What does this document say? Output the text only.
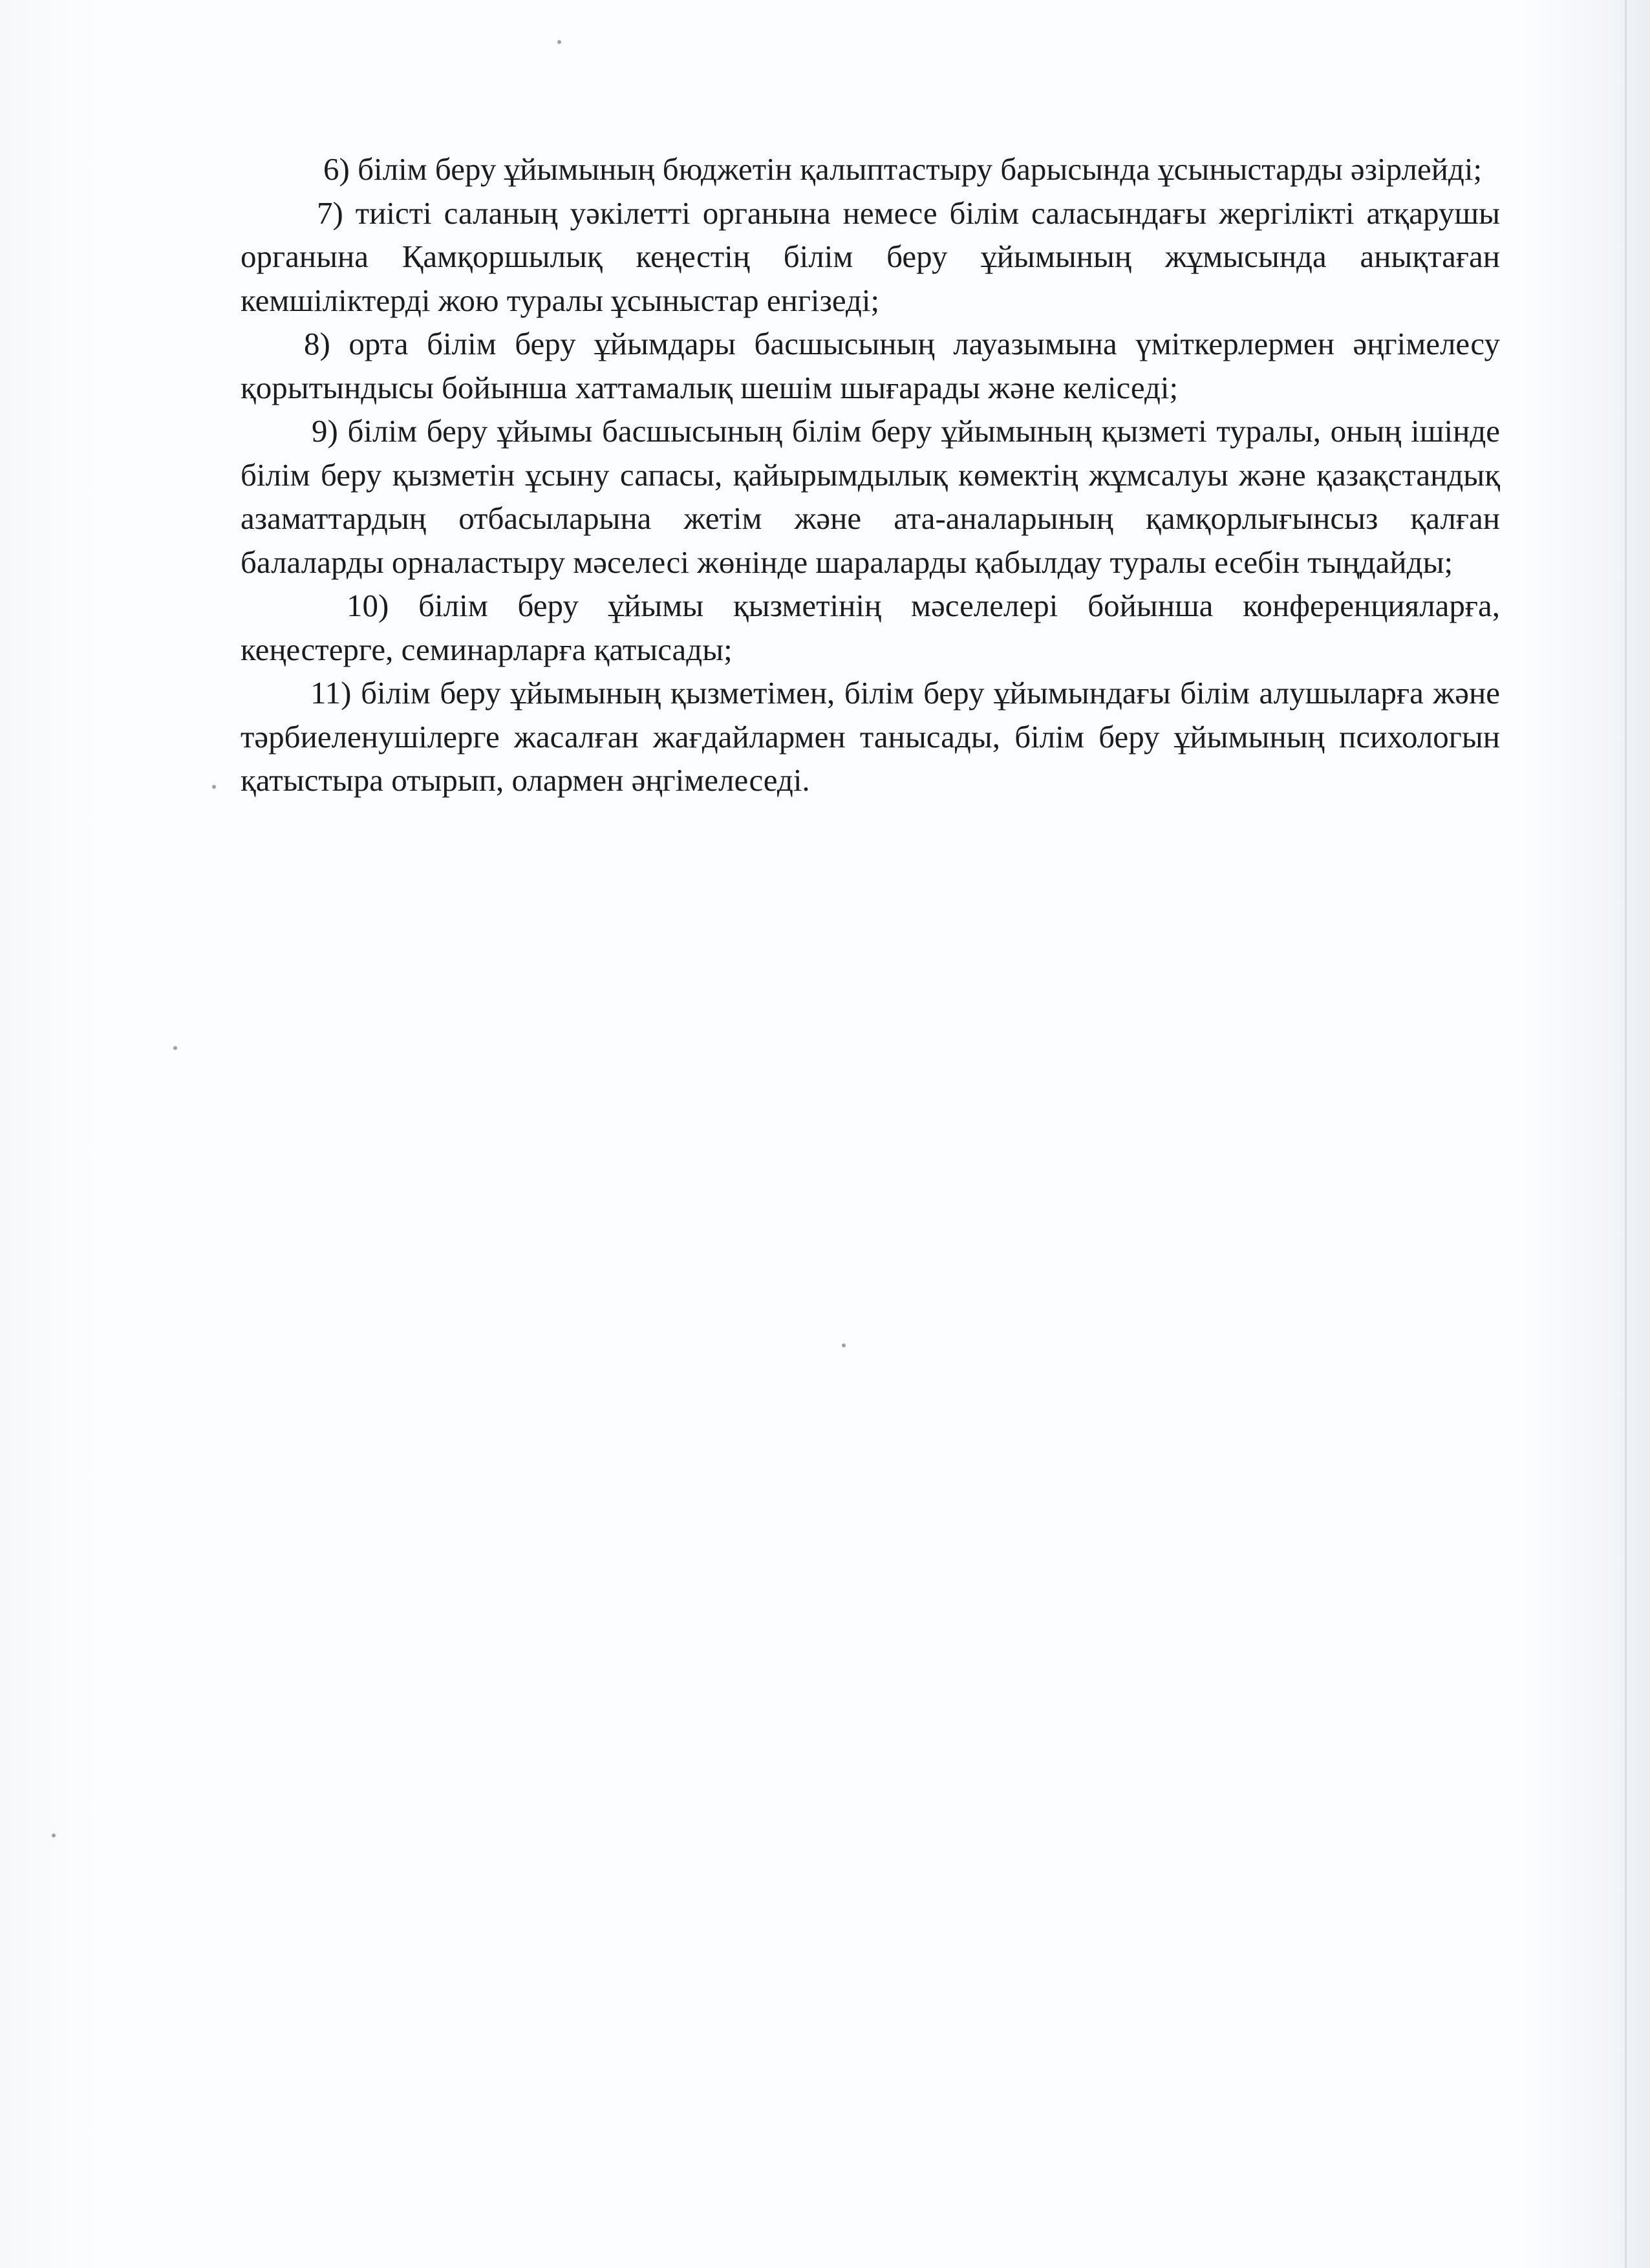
6) білім беру ұйымының бюджетін қалыптастыру барысында ұсыныстарды әзірлейді;

7) тиісті саланың уәкілетті органына немесе білім саласындағы жергілікті атқарушы органына Қамқоршылық кеңестің білім беру ұйымының жұмысында анықтаған кемшіліктерді жою туралы ұсыныстар енгізеді;

8) орта білім беру ұйымдары басшысының лауазымына үміткерлермен әңгімелесу қорытындысы бойынша хаттамалық шешім шығарады және келіседі;

9) білім беру ұйымы басшысының білім беру ұйымының қызметі туралы, оның ішінде білім беру қызметін ұсыну сапасы, қайырымдылық көмектің жұмсалуы және қазақстандық азаматтардың отбасыларына жетім және ата-аналарының қамқорлығынсыз қалған балаларды орналастыру мәселесі жөнінде шараларды қабылдау туралы есебін тыңдайды;

10) білім беру ұйымы қызметінің мәселелері бойынша конференцияларға, кеңестерге, семинарларға қатысады;

11) білім беру ұйымының қызметімен, білім беру ұйымындағы білім алушыларға және тәрбиеленушілерге жасалған жағдайлармен танысады, білім беру ұйымының психологын қатыстыра отырып, олармен әңгімелеседі.
